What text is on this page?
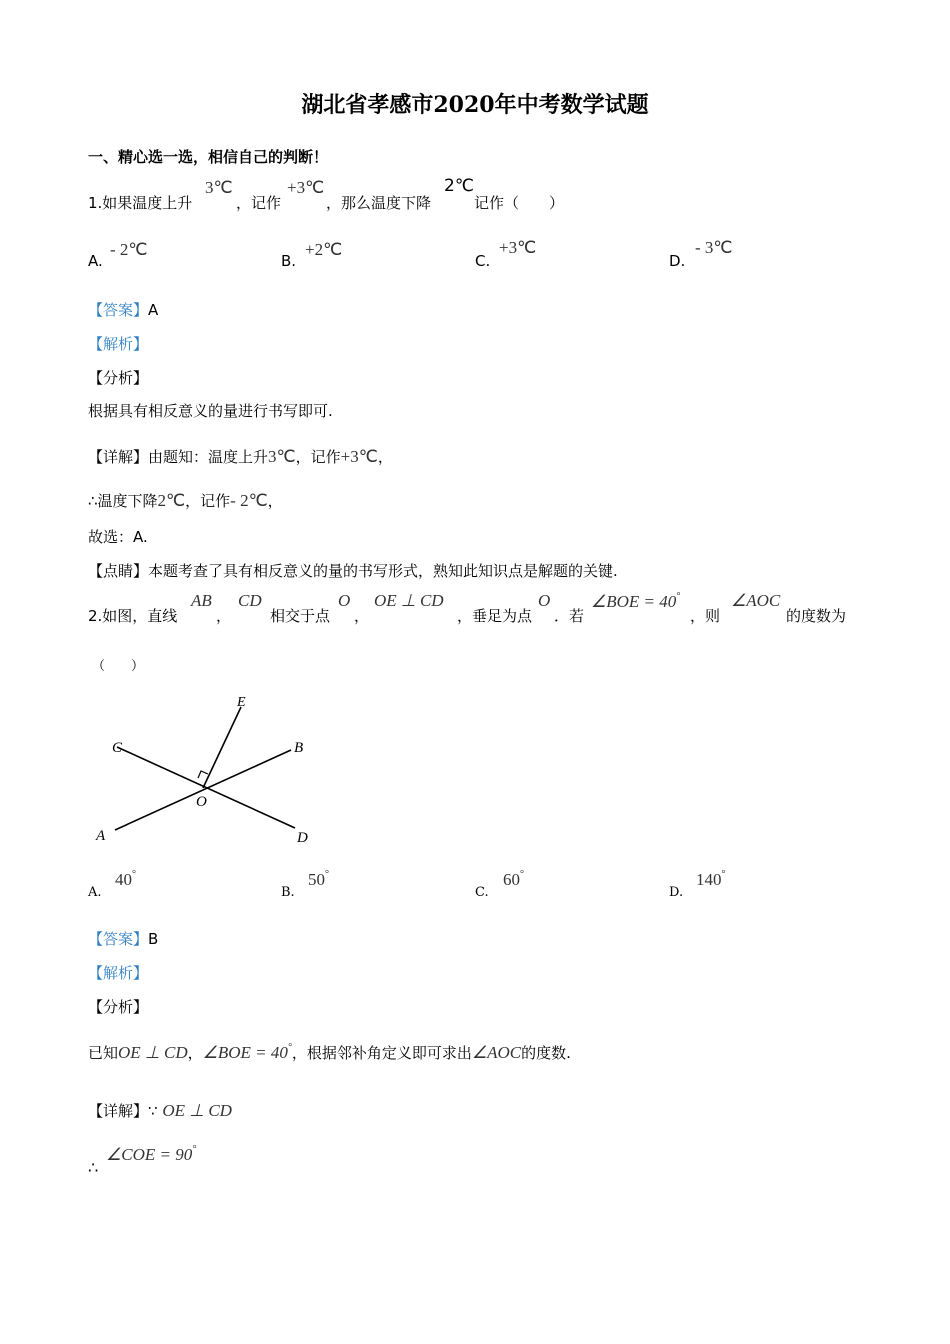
湖北省孝感市2020年中考数学试题
一、精心选一选，相信自己的判断！
1.如果温度上升
3℃
，记作
+3℃
，那么温度下降
2℃
记作（　　）
A.
- 2℃
B.
+2℃
C.
+3℃
D.
- 3℃
【答案】A
【解析】
【分析】
根据具有相反意义的量进行书写即可.
【详解】由题知：温度上升3℃，记作+3℃，
∴温度下降2℃，记作- 2℃，
故选：A.
【点睛】本题考查了具有相反意义的量的书写形式，熟知此知识点是解题的关键.
2.如图，直线
AB
，
CD
相交于点
O
，
OE ⊥ CD
，垂足为点
O
．若
∠BOE = 40°
，则
∠AOC
的度数为
（　　）
E
C	B
O
A	D
A.
40°
B.
50°
C.
60°
D.
140°
【答案】B
【解析】
【分析】
已知OE ⊥ CD，∠BOE = 40°，根据邻补角定义即可求出∠AOC的度数.
【详解】∵ OE ⊥ CD
∴
∠COE = 90°
